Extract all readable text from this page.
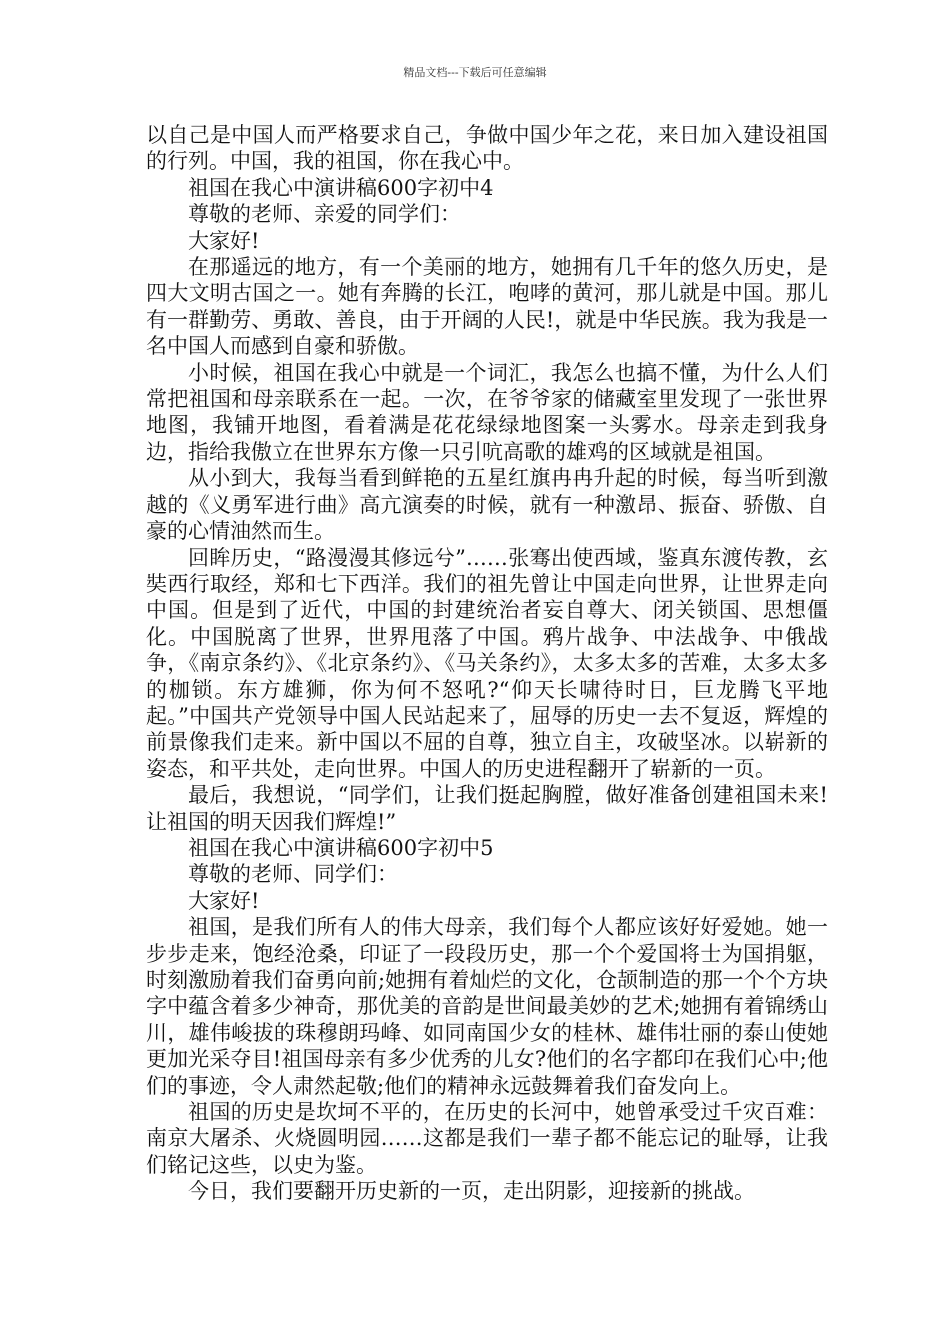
精品文档---下载后可任意编辑

以自己是中国人而严格要求自己，争做中国少年之花，来日加入建设祖国的行列。中国，我的祖国，你在我心中。

祖国在我心中演讲稿600字初中4

尊敬的老师、亲爱的同学们：

大家好!

在那遥远的地方，有一个美丽的地方，她拥有几千年的悠久历史，是四大文明古国之一。她有奔腾的长江，咆哮的黄河，那儿就是中国。那儿有一群勤劳、勇敢、善良，由于开阔的人民!，就是中华民族。我为我是一名中国人而感到自豪和骄傲。

小时候，祖国在我心中就是一个词汇，我怎么也搞不懂，为什么人们常把祖国和母亲联系在一起。一次，在爷爷家的储藏室里发现了一张世界地图，我铺开地图，看着满是花花绿绿地图案一头雾水。母亲走到我身边，指给我傲立在世界东方像一只引吭高歌的雄鸡的区域就是祖国。

从小到大，我每当看到鲜艳的五星红旗冉冉升起的时候，每当听到激越的《义勇军进行曲》高亢演奏的时候，就有一种激昂、振奋、骄傲、自豪的心情油然而生。

回眸历史，“路漫漫其修远兮”……张骞出使西域，鉴真东渡传教，玄奘西行取经，郑和七下西洋。我们的祖先曾让中国走向世界，让世界走向中国。但是到了近代，中国的封建统治者妄自尊大、闭关锁国、思想僵化。中国脱离了世界，世界甩落了中国。鸦片战争、中法战争、中俄战争，《南京条约》、《北京条约》、《马关条约》，太多太多的苦难，太多太多的枷锁。东方雄狮，你为何不怒吼?“仰天长啸待时日，巨龙腾飞平地起。”中国共产党领导中国人民站起来了，屈辱的历史一去不复返，辉煌的前景像我们走来。新中国以不屈的自尊，独立自主，攻破坚冰。以崭新的姿态，和平共处，走向世界。中国人的历史进程翻开了崭新的一页。

最后，我想说，“同学们，让我们挺起胸膛，做好准备创建祖国未来!让祖国的明天因我们辉煌!”

祖国在我心中演讲稿600字初中5

尊敬的老师、同学们：

大家好!

祖国，是我们所有人的伟大母亲，我们每个人都应该好好爱她。她一步步走来，饱经沧桑，印证了一段段历史，那一个个爱国将士为国捐躯，时刻激励着我们奋勇向前;她拥有着灿烂的文化，仓颉制造的那一个个方块字中蕴含着多少神奇，那优美的音韵是世间最美妙的艺术;她拥有着锦绣山川，雄伟峻拔的珠穆朗玛峰、如同南国少女的桂林、雄伟壮丽的泰山使她更加光采夺目!祖国母亲有多少优秀的儿女?他们的名字都印在我们心中;他们的事迹，令人肃然起敬;他们的精神永远鼓舞着我们奋发向上。

祖国的历史是坎坷不平的，在历史的长河中，她曾承受过千灾百难：南京大屠杀、火烧圆明园……这都是我们一辈子都不能忘记的耻辱，让我们铭记这些，以史为鉴。

今日，我们要翻开历史新的一页，走出阴影，迎接新的挑战。
